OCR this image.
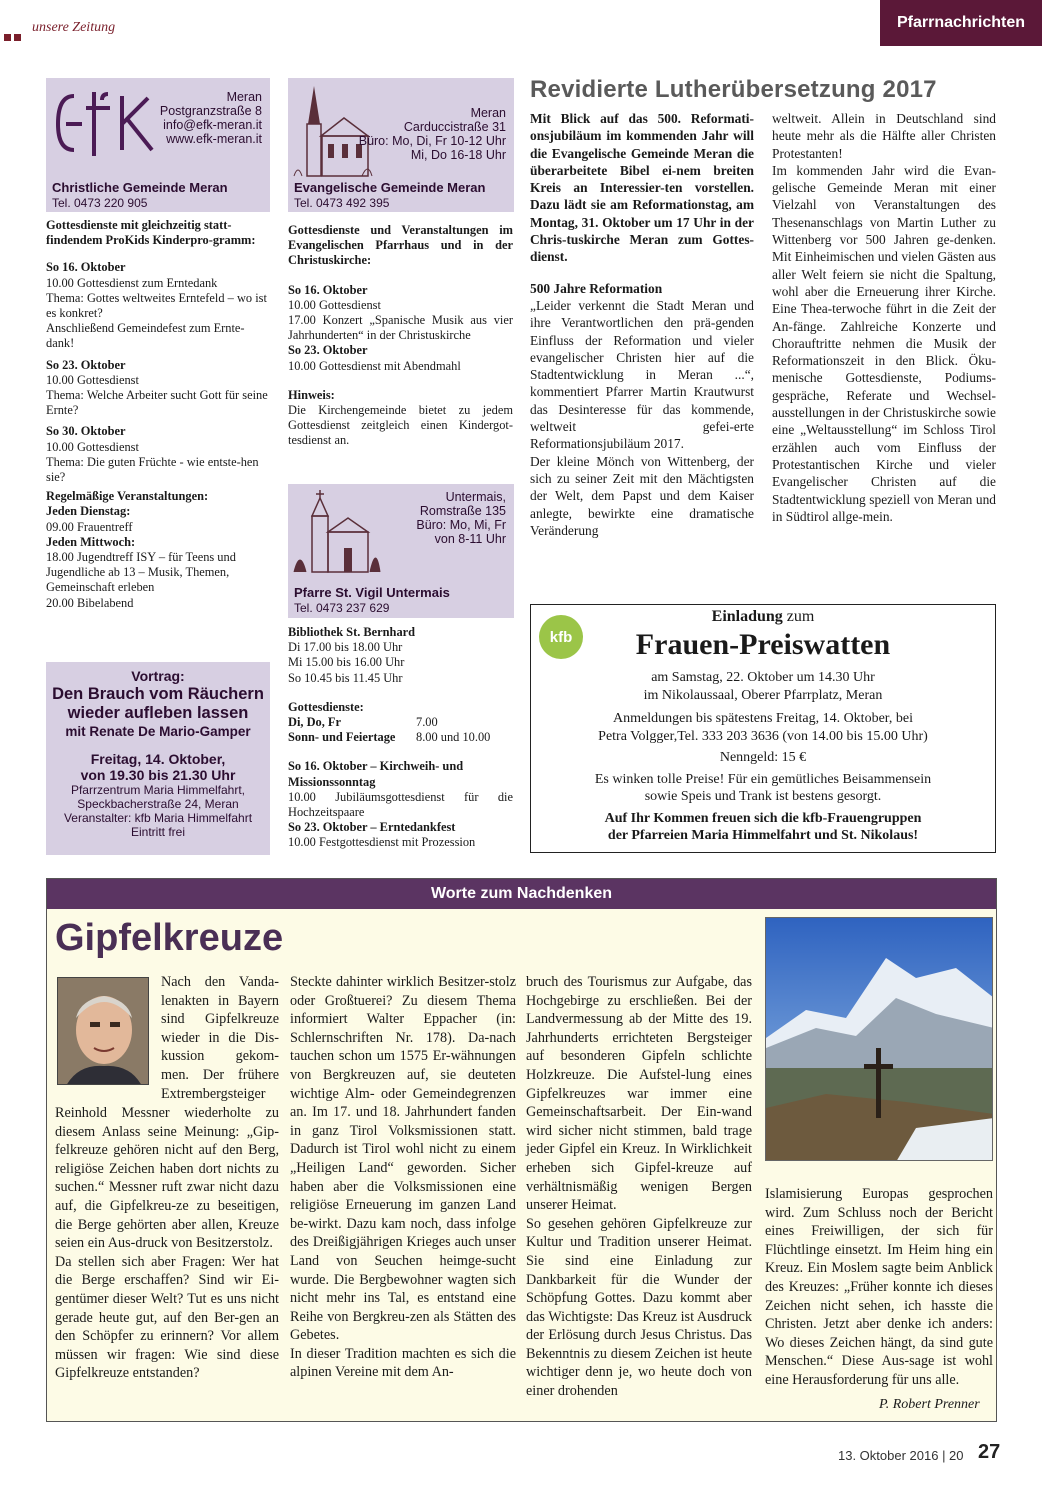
unsere Zeitung	Pfarrnachrichten
Meran
Postgranzstraße 8
info@efk-meran.it
www.efk-meran.it
Christliche Gemeinde Meran
Tel. 0473 220 905

Gottesdienste mit gleichzeitig statt-findendem ProKids Kinderpro-gramm:

So 16. Oktober

10.00 Gottesdienst zum Erntedank

Thema: Gottes weltweites Erntefeld – wo ist es konkret?

Anschließend Gemeindefest zum Ernte-dank!

So 23. Oktober

10.00 Gottesdienst

Thema: Welche Arbeiter sucht Gott für seine Ernte?

So 30. Oktober

10.00 Gottesdienst

Thema: Die guten Früchte - wie entste-hen sie?

Regelmäßige Veranstaltungen:

Jeden Dienstag:

09.00 Frauentreff

Jeden Mittwoch:

18.00 Jugendtreff ISY – für Teens und Jugendliche ab 13 – Musik, Themen, Gemeinschaft erleben

20.00 Bibelabend

Vortrag:
Den Brauch vom Räuchern wieder aufleben lassen
mit Renate De Mario-Gamper
Freitag, 14. Oktober,
von 19.30 bis 21.30 Uhr
Pfarrzentrum Maria Himmelfahrt,
Speckbacherstraße 24, Meran
Veranstalter: kfb Maria Himmelfahrt
Eintritt frei
Meran
Carduccistraße 31
Büro: Mo, Di, Fr 10-12 Uhr
Mi, Do 16-18 Uhr
Evangelische Gemeinde Meran
Tel. 0473 492 395

Gottesdienste und Veranstaltungen im Evangelischen Pfarrhaus und in der Christuskirche:

So 16. Oktober

10.00 Gottesdienst

17.00 Konzert „Spanische Musik aus vier Jahrhunderten“ in der Christuskirche

So 23. Oktober

10.00 Gottesdienst mit Abendmahl

Hinweis:

Die Kirchengemeinde bietet zu jedem Gottesdienst zeitgleich einen Kindergot-tesdienst an.

Untermais,
Romstraße 135
Büro: Mo, Mi, Fr
von 8-11 Uhr
Pfarre St. Vigil Untermais
Tel. 0473 237 629

Bibliothek St. Bernhard

Di 17.00 bis 18.00 Uhr

Mi 15.00 bis 16.00 Uhr

So 10.45 bis 11.45 Uhr

Gottesdienste:

Di, Do, Fr	7.00

Sonn- und Feiertage 8.00 und 10.00

So 16. Oktober – Kirchweih- und Missionssonntag

10.00 Jubiläumsgottesdienst für die Hochzeitspaare

So 23. Oktober – Erntedankfest

10.00 Festgottesdienst mit Prozession

Revidierte Lutherübersetzung 2017

Mit Blick auf das 500. Reformati-onsjubiläum im kommenden Jahr will die Evangelische Gemeinde Meran die überarbeitete Bibel ei-nem breiten Kreis an Interessier-ten vorstellen. Dazu lädt sie am Reformationstag, am Montag, 31. Oktober um 17 Uhr in der Chris-tuskirche Meran zum Gottes-dienst.

500 Jahre Reformation

„Leider verkennt die Stadt Meran und ihre Verantwortlichen den prä-genden Einfluss der Reformation und vieler evangelischer Christen hier auf die Stadtentwicklung in Meran ...“, kommentiert Pfarrer Martin Krautwurst das Desinteresse für das kommende, weltweit gefei-erte Reformationsjubiläum 2017.

Der kleine Mönch von Wittenberg, der sich zu seiner Zeit mit den Mächtigsten der Welt, dem Papst und dem Kaiser anlegte, bewirkte eine dramatische Veränderung

weltweit. Allein in Deutschland sind heute mehr als die Hälfte aller Christen Protestanten!

Im kommenden Jahr wird die Evan-gelische Gemeinde Meran mit einer Vielzahl von Veranstaltungen des Thesenanschlags von Martin Luther zu Wittenberg vor 500 Jahren ge-denken. Mit Einheimischen und vielen Gästen aus aller Welt feiern sie nicht die Spaltung, wohl aber die Erneuerung ihrer Kirche. Eine Thea-terwoche führt in die Zeit der An-fänge. Zahlreiche Konzerte und Chorauftritte nehmen die Musik der Reformationszeit in den Blick. Öku-menische Gottesdienste, Podiums-gespräche, Referate und Wechsel-ausstellungen in der Christuskirche sowie eine „Weltausstellung“ im Schloss Tirol erzählen auch vom Einfluss der Protestantischen Kirche und vieler Evangelischer Christen auf die Stadtentwicklung speziell von Meran und in Südtirol allge-mein.

kfb
Einladung zum
Frauen-Preiswatten
am Samstag, 22. Oktober um 14.30 Uhr
im Nikolaussaal, Oberer Pfarrplatz, Meran
Anmeldungen bis spätestens Freitag, 14. Oktober, bei
Petra Volgger,Tel. 333 203 3636 (von 14.00 bis 15.00 Uhr)
Nenngeld: 15 €
Es winken tolle Preise! Für ein gemütliches Beisammensein
sowie Speis und Trank ist bestens gesorgt.
Auf Ihr Kommen freuen sich die kfb-Frauengruppen
der Pfarreien Maria Himmelfahrt und St. Nikolaus!
Worte zum Nachdenken
Gipfelkreuze
Nach den Vanda-lenakten in Bayern sind Gipfelkreuze wieder in die Dis-kussion gekom-men. Der frühere Extrembergsteiger

Reinhold Messner wiederholte zu diesem Anlass seine Meinung: „Gip-felkreuze gehören nicht auf den Berg, religiöse Zeichen haben dort nichts zu suchen.“ Messner ruft zwar nicht dazu auf, die Gipfelkreu-ze zu beseitigen, die Berge gehörten aber allen, Kreuze seien ein Aus-druck von Besitzerstolz.

Da stellen sich aber Fragen: Wer hat die Berge erschaffen? Sind wir Ei-gentümer dieser Welt? Tut es uns nicht gerade heute gut, auf den Ber-gen an den Schöpfer zu erinnern? Vor allem müssen wir fragen: Wie sind diese Gipfelkreuze entstanden?

Steckte dahinter wirklich Besitzer-stolz oder Großtuerei? Zu diesem Thema informiert Walter Eppacher (in: Schlernschriften Nr. 178). Da-nach tauchen schon um 1575 Er-wähnungen von Bergkreuzen auf, sie deuteten wichtige Alm- oder Gemeindegrenzen an. Im 17. und 18. Jahrhundert fanden in ganz Tirol Volksmissionen statt. Dadurch ist Tirol wohl nicht zu einem „Heiligen Land“ geworden. Sicher haben aber die Volksmissionen eine religiöse Erneuerung im ganzen Land be-wirkt. Dazu kam noch, dass infolge des Dreißigjährigen Krieges auch unser Land von Seuchen heimge-sucht wurde. Die Bergbewohner wagten sich nicht mehr ins Tal, es entstand eine Reihe von Bergkreu-zen als Stätten des Gebetes.

In dieser Tradition machten es sich die alpinen Vereine mit dem An-

bruch des Tourismus zur Aufgabe, das Hochgebirge zu erschließen. Bei der Landvermessung ab der Mitte des 19. Jahrhunderts errichteten Bergsteiger auf besonderen Gipfeln schlichte Holzkreuze. Die Aufstel-lung eines Gipfelkreuzes war immer eine Gemeinschaftsarbeit. Der Ein-wand wird sicher nicht stimmen, bald trage jeder Gipfel ein Kreuz. In Wirklichkeit erheben sich Gipfel-kreuze auf verhältnismäßig wenigen Bergen unserer Heimat.

So gesehen gehören Gipfelkreuze zur Kultur und Tradition unserer Heimat. Sie sind eine Einladung zur Dankbarkeit für die Wunder der Schöpfung Gottes. Dazu kommt aber das Wichtigste: Das Kreuz ist Ausdruck der Erlösung durch Jesus Christus. Das Bekenntnis zu diesem Zeichen ist heute wichtiger denn je, wo heute doch von einer drohenden

Islamisierung Europas gesprochen wird. Zum Schluss noch der Bericht eines Freiwilligen, der sich für Flüchtlinge einsetzt. Im Heim hing ein Kreuz. Ein Moslem sagte beim Anblick des Kreuzes: „Früher konnte ich dieses Zeichen nicht sehen, ich hasste die Christen. Jetzt aber denke ich anders: Wo dieses Zeichen hängt, da sind gute Menschen.“ Diese Aus-sage ist wohl eine Herausforderung für uns alle.

P. Robert Prenner
13. Oktober 2016 | 20 27
